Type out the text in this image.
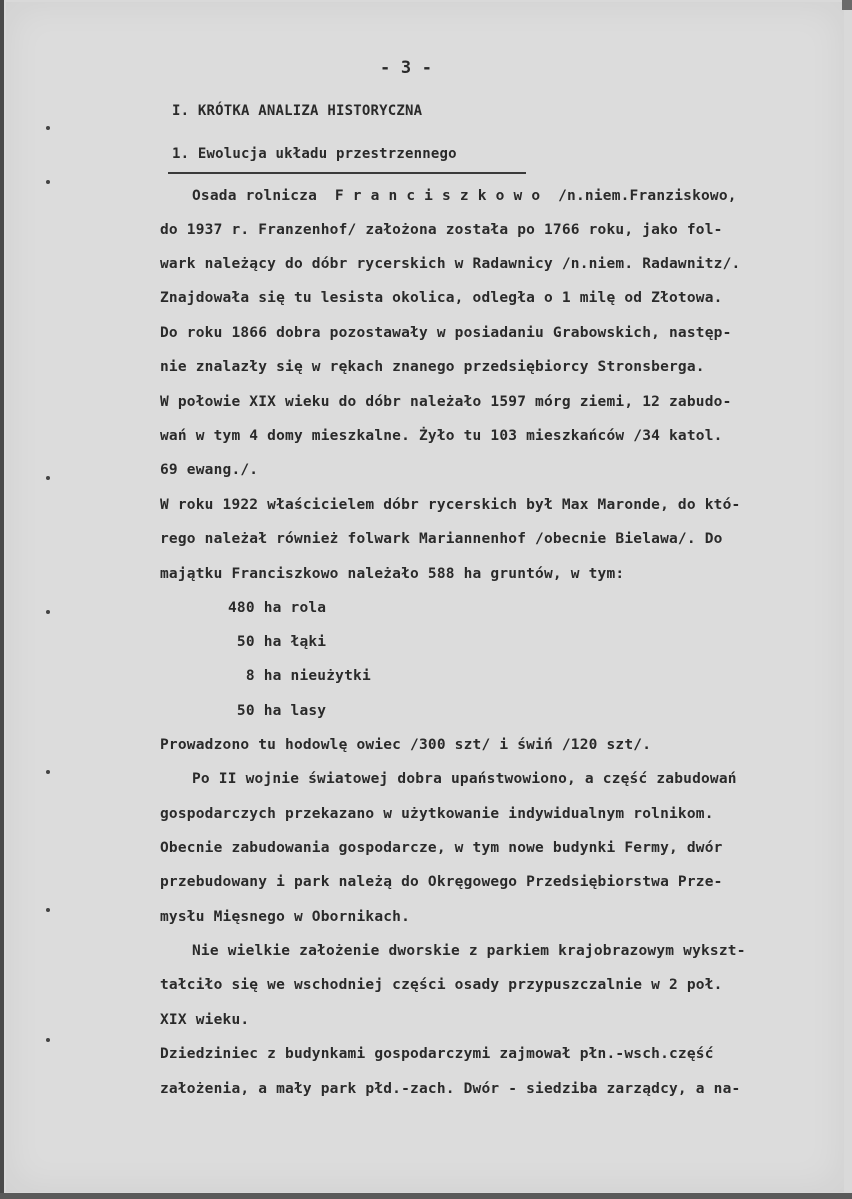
- 3 -
I. KRÓTKA ANALIZA HISTORYCZNA
1. Ewolucja układu przestrzennego
Osada rolnicza  F r a n c i s z k o w o  /n.niem.Franziskowo,
do 1937 r. Franzenhof/ założona została po 1766 roku, jako fol-
wark należący do dóbr rycerskich w Radawnicy /n.niem. Radawnitz/.
Znajdowała się tu lesista okolica, odległa o 1 milę od Złotowa.
Do roku 1866 dobra pozostawały w posiadaniu Grabowskich, następ-
nie znalazły się w rękach znanego przedsiębiorcy Stronsberga.
W połowie XIX wieku do dóbr należało 1597 mórg ziemi, 12 zabudo-
wań w tym 4 domy mieszkalne. Żyło tu 103 mieszkańców /34 katol.
69 ewang./.
W roku 1922 właścicielem dóbr rycerskich był Max Maronde, do któ-
rego należał również folwark Mariannenhof /obecnie Bielawa/. Do
majątku Franciszkowo należało 588 ha gruntów, w tym:
480 ha rola
50 ha łąki
8 ha nieużytki
50 ha lasy
Prowadzono tu hodowlę owiec /300 szt/ i świń /120 szt/.
Po II wojnie światowej dobra upaństwowiono, a część zabudowań
gospodarczych przekazano w użytkowanie indywidualnym rolnikom.
Obecnie zabudowania gospodarcze, w tym nowe budynki Fermy, dwór
przebudowany i park należą do Okręgowego Przedsiębiorstwa Prze-
mysłu Mięsnego w Obornikach.
Nie wielkie założenie dworskie z parkiem krajobrazowym wykszt-
tałciło się we wschodniej części osady przypuszczalnie w 2 poł.
XIX wieku.
Dziedziniec z budynkami gospodarczymi zajmował płn.-wsch.część
założenia, a mały park płd.-zach. Dwór - siedziba zarządcy, a na-
